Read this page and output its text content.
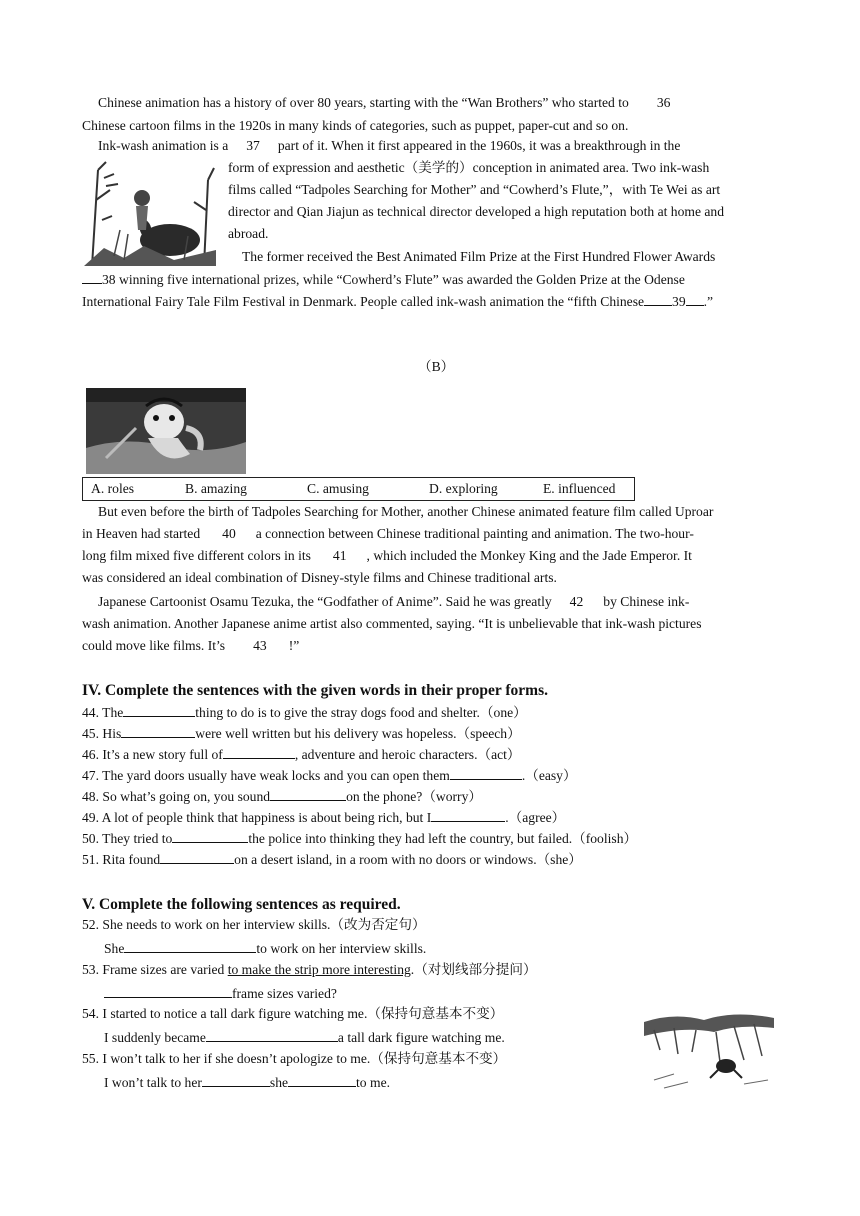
Chinese animation has a history of over 80 years, starting with the “Wan Brothers” who started to 36
Chinese cartoon films in the 1920s in many kinds of categories, such as puppet, paper-cut and so on.

Ink-wash animation is a 37 part of it. When it first appeared in the 1960s, it was a breakthrough in the

form of expression and aesthetic（美学的）conception in animated area. Two ink-wash

films called “Tadpoles Searching for Mother” and “Cowherd’s Flute,”，with Te Wei as art

director and Qian Jiajun as technical director developed a high reputation both at home and

abroad.

The former received the Best Animated Film Prize at the First Hundred Flower Awards

38 winning five international prizes, while “Cowherd’s Flute” was awarded the Golden Prize at the Odense

International Fairy Tale Film Festival in Denmark. People called ink-wash animation the “fifth Chinese 39 .”

（B）

A. roles	B. amazing	C. amusing	D. exploring	E. influenced

But even before the birth of Tadpoles Searching for Mother, another Chinese animated feature film called Uproar

in Heaven had started 40 a connection between Chinese traditional painting and animation. The two-hour-

long film mixed five different colors in its 41 , which included the Monkey King and the Jade Emperor. It

was considered an ideal combination of Disney-style films and Chinese traditional arts.

Japanese Cartoonist Osamu Tezuka, the “Godfather of Anime”. Said he was greatly 42 by Chinese ink-

wash animation. Another Japanese anime artist also commented, saying. “It is unbelievable that ink-wash pictures

could move like films. It’s 43 !”

IV. Complete the sentences with the given words in their proper forms.

44. The	thing to do is to give the stray dogs food and shelter.（one）

45. His	were well written but his delivery was hopeless.（speech）

46. It’s a new story full of	, adventure and heroic characters.（act）

47. The yard doors usually have weak locks and you can open them	.（easy）

48. So what’s going on, you sound	on the phone?（worry）

49. A lot of people think that happiness is about being rich, but I	.（agree）

50. They tried to	the police into thinking they had left the country, but failed.（foolish）

51. Rita found	on a desert island, in a room with no doors or windows.（she）

V. Complete the following sentences as required.

52. She needs to work on her interview skills.（改为否定句）

She	to work on her interview skills.

53. Frame sizes are varied to make the strip more interesting.（对划线部分提问）

frame sizes varied?

54. I started to notice a tall dark figure watching me.（保持句意基本不变）

I suddenly became	a tall dark figure watching me.

55. I won’t talk to her if she doesn’t apologize to me.（保持句意基本不变）

I won’t talk to her	she	to me.
